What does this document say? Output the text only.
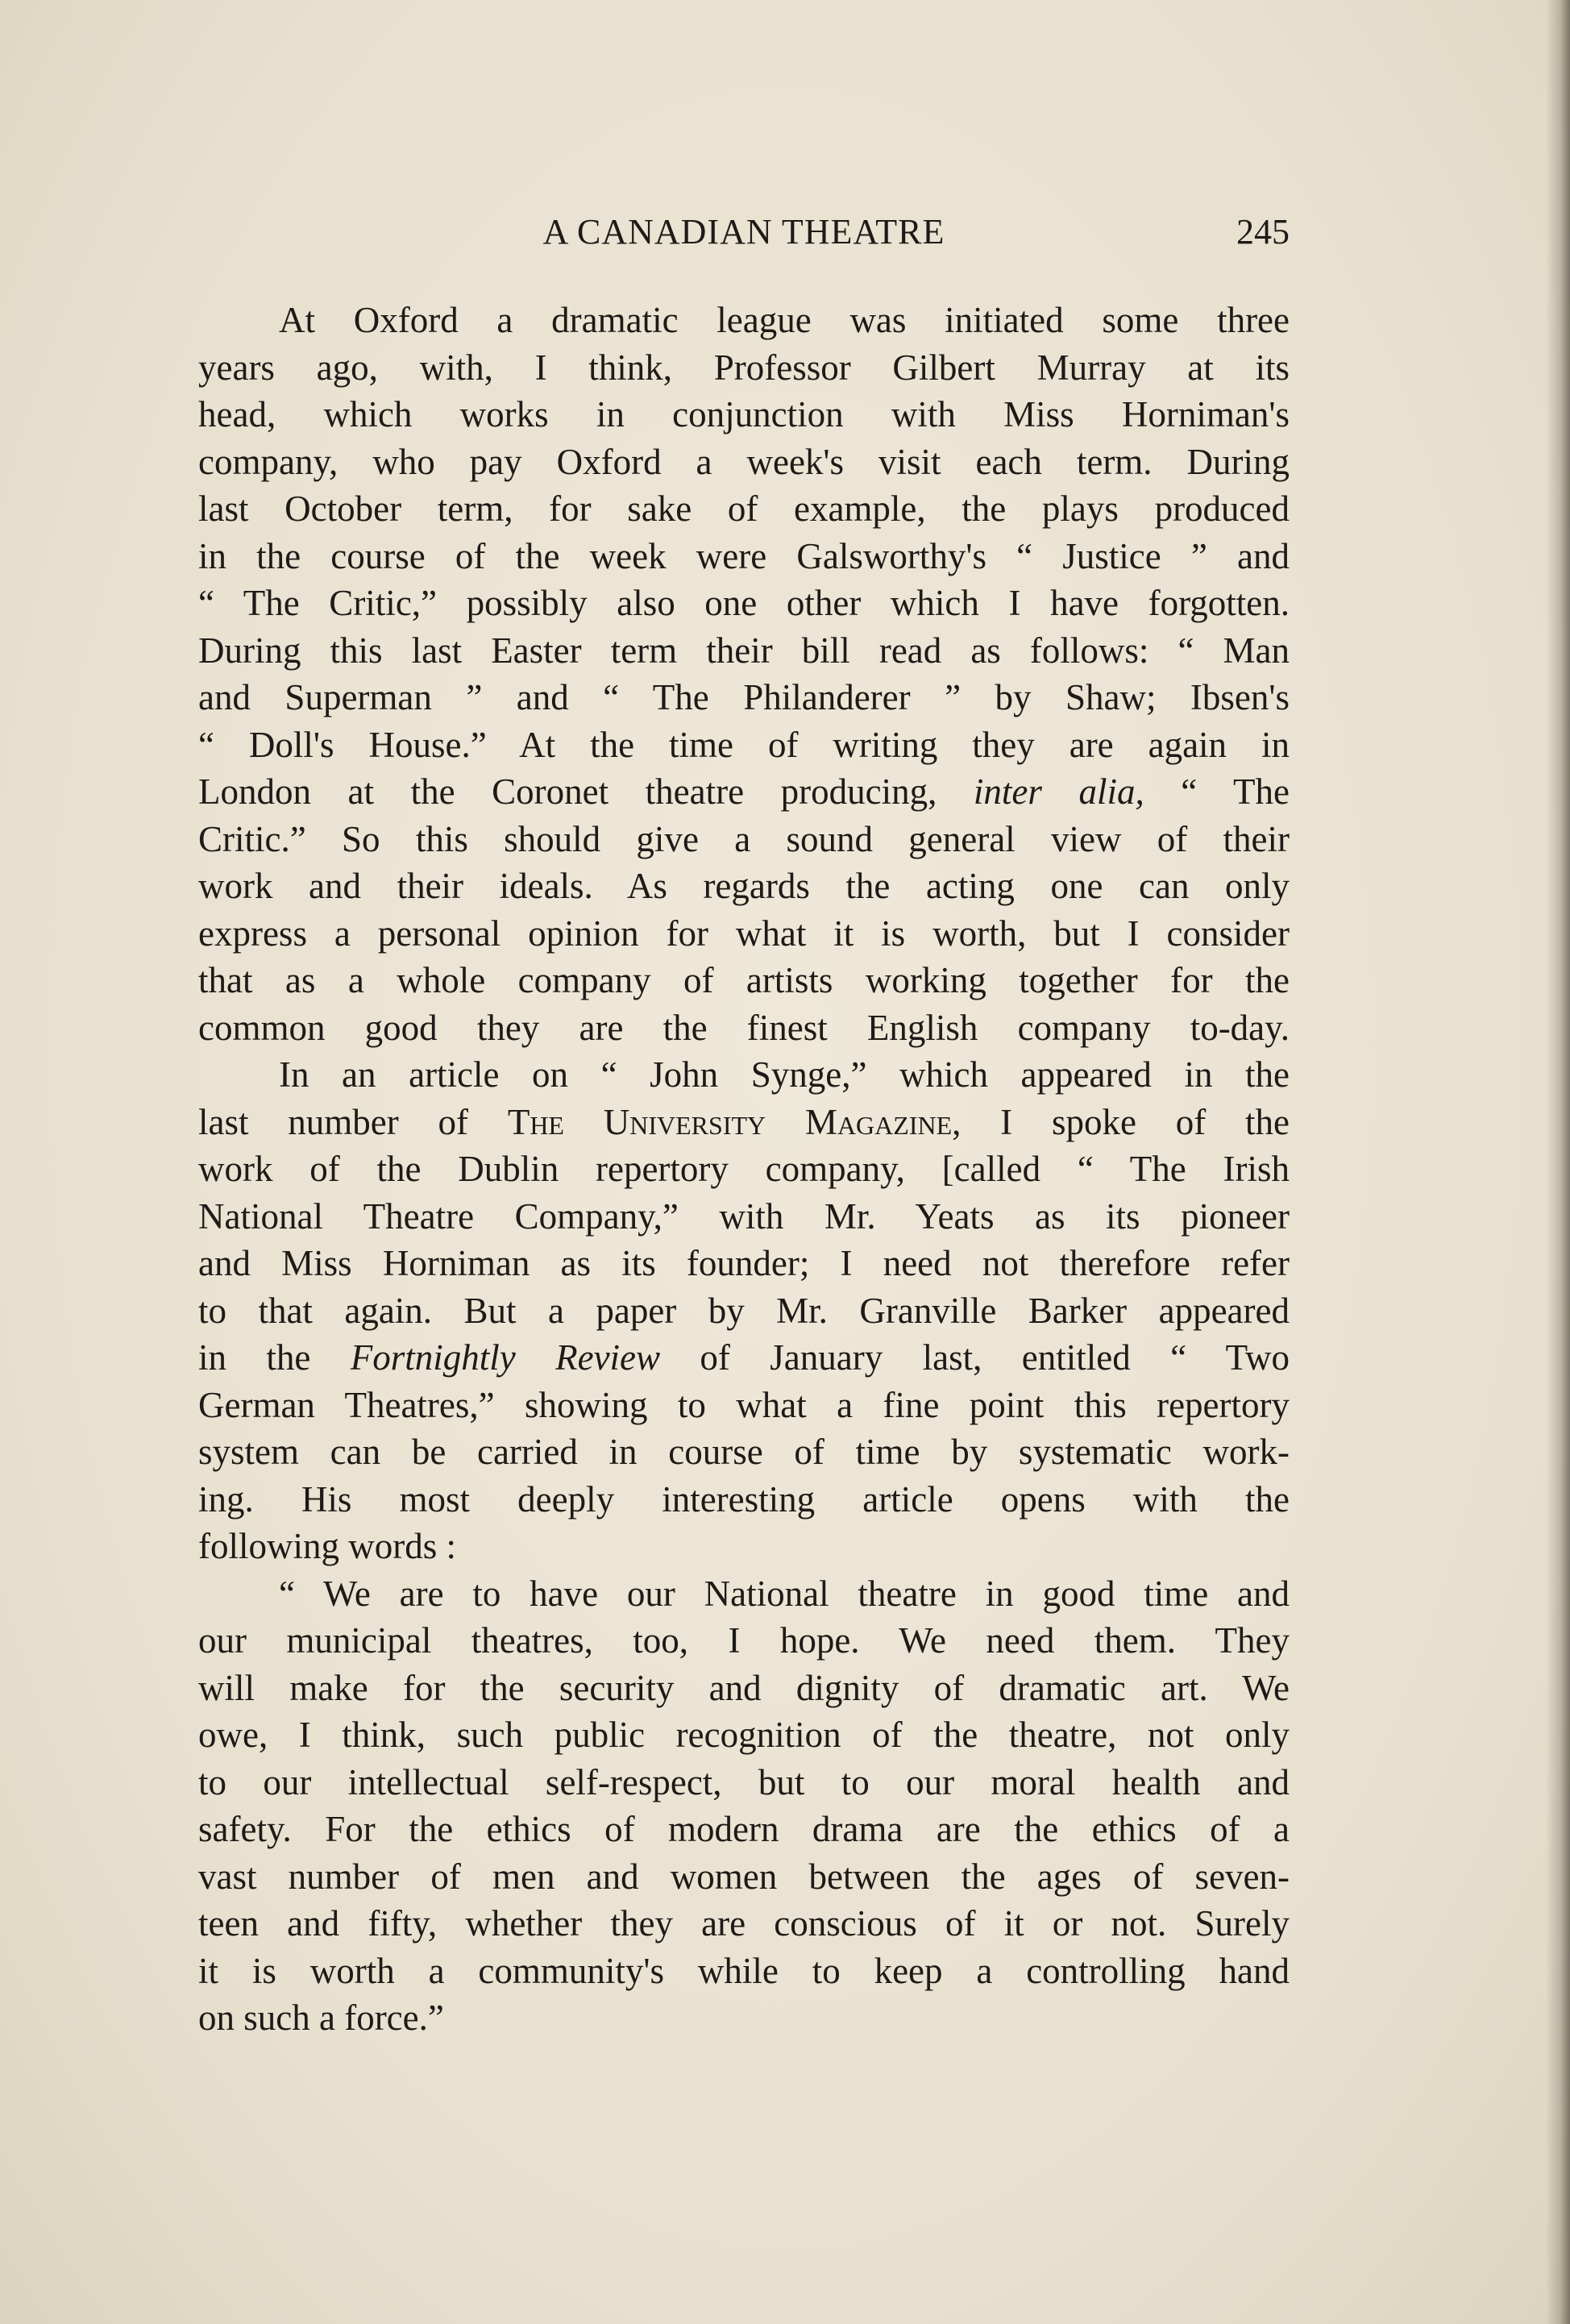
A CANADIAN THEATRE	245
At Oxford a dramatic league was initiated some three
years ago, with, I think, Professor Gilbert Murray at its
head, which works in conjunction with Miss Horniman's
company, who pay Oxford a week's visit each term. During
last October term, for sake of example, the plays produced
in the course of the week were Galsworthy's “ Justice ” and
“ The Critic,” possibly also one other which I have forgotten.
During this last Easter term their bill read as follows: “ Man
and Superman ” and “ The Philanderer ” by Shaw; Ibsen's
“ Doll's House.” At the time of writing they are again in
London at the Coronet theatre producing, inter alia, “ The
Critic.” So this should give a sound general view of their
work and their ideals. As regards the acting one can only
express a personal opinion for what it is worth, but I consider
that as a whole company of artists working together for the
common good they are the finest English company to-day.
In an article on “ John Synge,” which appeared in the
last number of The University Magazine, I spoke of the
work of the Dublin repertory company, [called “ The Irish
National Theatre Company,” with Mr. Yeats as its pioneer
and Miss Horniman as its founder; I need not therefore refer
to that again. But a paper by Mr. Granville Barker appeared
in the Fortnightly Review of January last, entitled “ Two
German Theatres,” showing to what a fine point this repertory
system can be carried in course of time by systematic work-
ing. His most deeply interesting article opens with the
following words :
“ We are to have our National theatre in good time and
our municipal theatres, too, I hope. We need them. They
will make for the security and dignity of dramatic art. We
owe, I think, such public recognition of the theatre, not only
to our intellectual self-respect, but to our moral health and
safety. For the ethics of modern drama are the ethics of a
vast number of men and women between the ages of seven-
teen and fifty, whether they are conscious of it or not. Surely
it is worth a community's while to keep a controlling hand
on such a force.”
